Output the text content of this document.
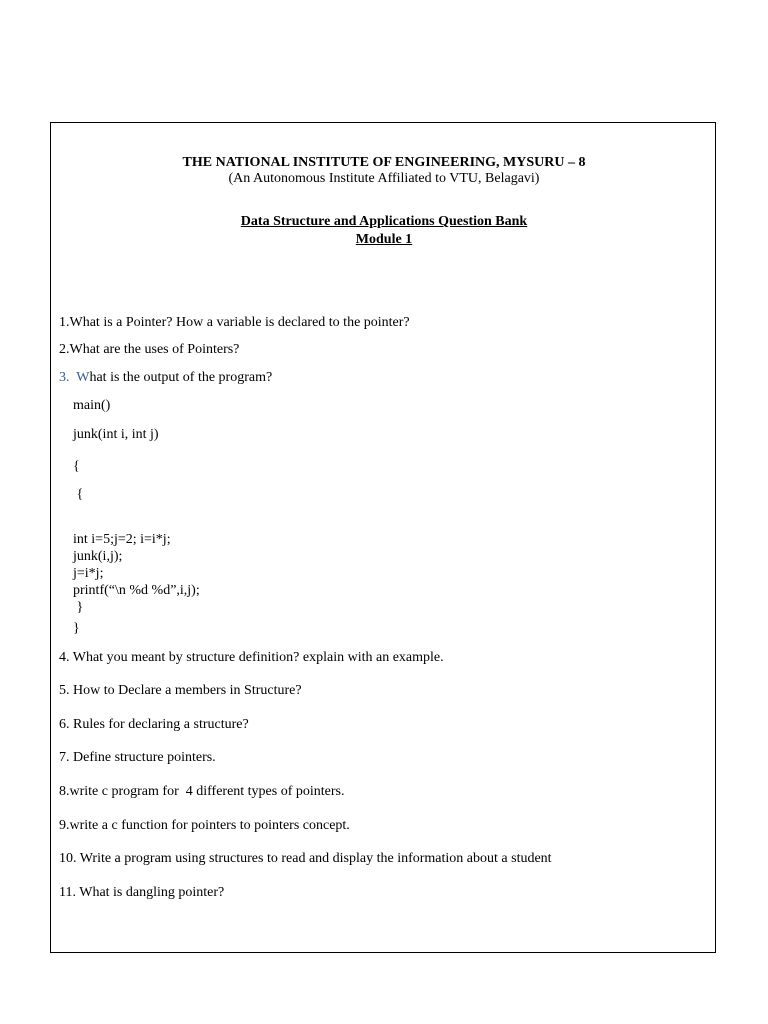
THE NATIONAL INSTITUTE OF ENGINEERING, MYSURU – 8
(An Autonomous Institute Affiliated to VTU, Belagavi)
Data Structure and Applications Question Bank
Module 1
1.What is a Pointer? How a variable is declared to the pointer?
2.What are the uses of Pointers?
3.  What is the output of the program?
main()
junk(int i, int j)
{
{
int i=5;j=2; i=i*j;
junk(i,j);
j=i*j;
printf(“\n %d %d”,i,j);
}
}
4. What you meant by structure definition? explain with an example.
5. How to Declare a members in Structure?
6. Rules for declaring a structure?
7. Define structure pointers.
8.write c program for  4 different types of pointers.
9.write a c function for pointers to pointers concept.
10. Write a program using structures to read and display the information about a student
11. What is dangling pointer?
